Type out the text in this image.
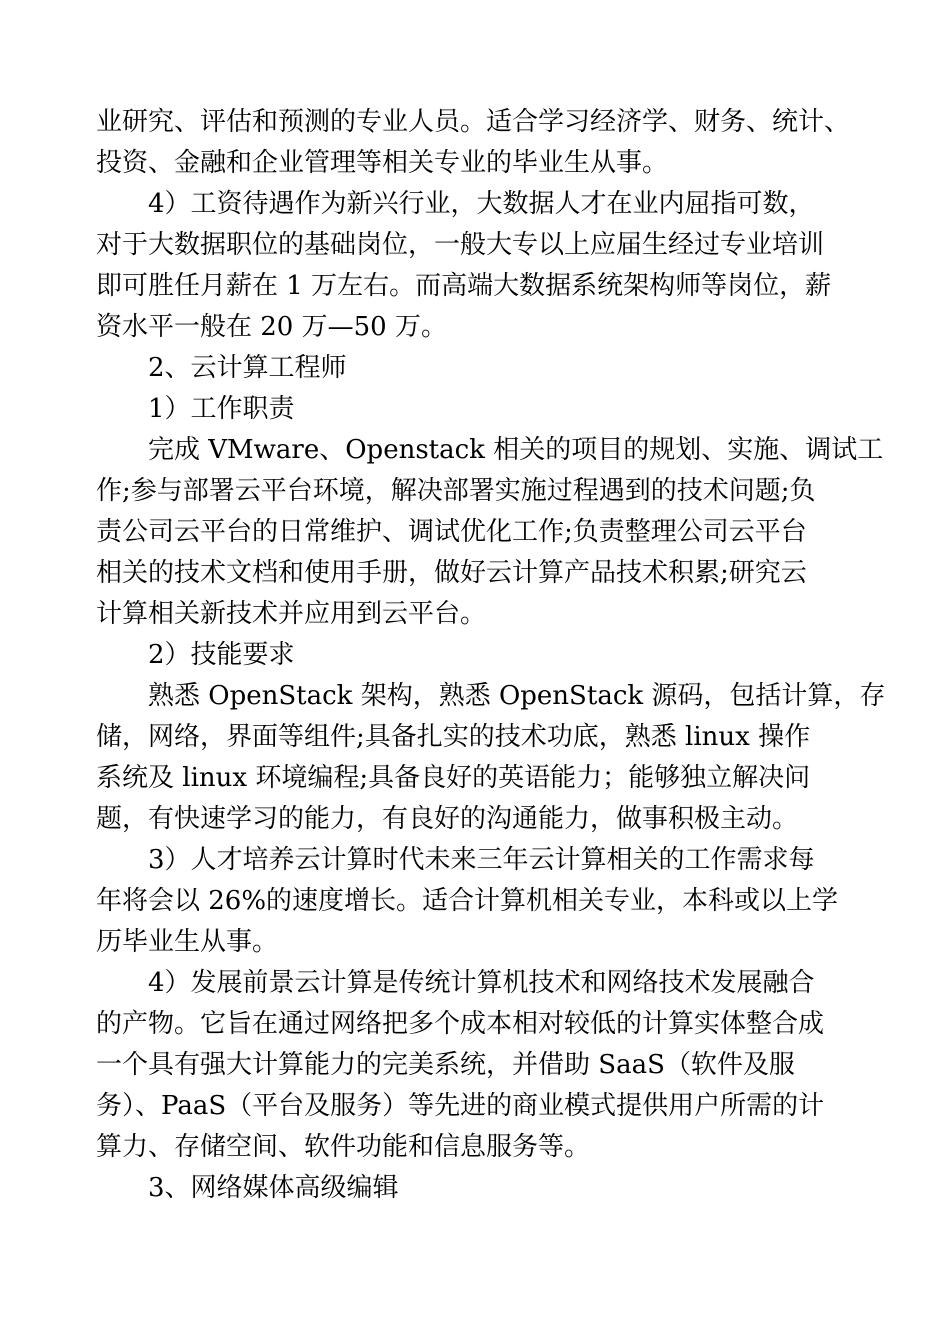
业研究、评估和预测的专业人员。适合学习经济学、财务、统计、
投资、金融和企业管理等相关专业的毕业生从事。

4）工资待遇作为新兴行业，大数据人才在业内屈指可数，
对于大数据职位的基础岗位，一般大专以上应届生经过专业培训
即可胜任月薪在 1 万左右。而高端大数据系统架构师等岗位，薪
资水平一般在 20 万—50 万。

2、云计算工程师

1）工作职责

完成 VMware、Openstack 相关的项目的规划、实施、调试工
作;参与部署云平台环境，解决部署实施过程遇到的技术问题;负
责公司云平台的日常维护、调试优化工作;负责整理公司云平台
相关的技术文档和使用手册，做好云计算产品技术积累;研究云
计算相关新技术并应用到云平台。

2）技能要求

熟悉 OpenStack 架构，熟悉 OpenStack 源码，包括计算，存
储，网络，界面等组件;具备扎实的技术功底，熟悉 linux 操作
系统及 linux 环境编程;具备良好的英语能力；能够独立解决问
题，有快速学习的能力，有良好的沟通能力，做事积极主动。

3）人才培养云计算时代未来三年云计算相关的工作需求每
年将会以 26%的速度增长。适合计算机相关专业，本科或以上学
历毕业生从事。

4）发展前景云计算是传统计算机技术和网络技术发展融合
的产物。它旨在通过网络把多个成本相对较低的计算实体整合成
一个具有强大计算能力的完美系统，并借助 SaaS（软件及服
务）、PaaS（平台及服务）等先进的商业模式提供用户所需的计
算力、存储空间、软件功能和信息服务等。

3、网络媒体高级编辑
